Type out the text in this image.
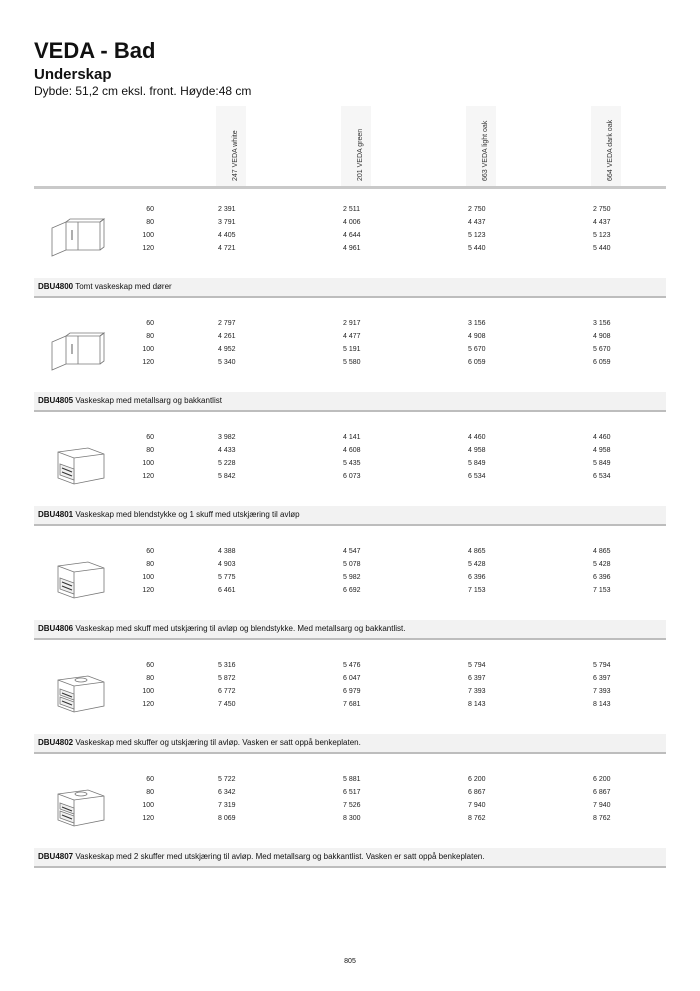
VEDA - Bad
Underskap

Dybde: 51,2 cm eksl. front. Høyde:48 cm

247 VEDA white	201 VEDA green	663 VEDA light oak	664 VEDA dark oak
60	2 391	2 511	2 750	2 750
80	3 791	4 006	4 437	4 437
100	4 405	4 644	5 123	5 123
120	4 721	4 961	5 440	5 440
DBU4800 Tomt vaskeskap med dører
60	2 797	2 917	3 156	3 156
80	4 261	4 477	4 908	4 908
100	4 952	5 191	5 670	5 670
120	5 340	5 580	6 059	6 059
DBU4805 Vaskeskap med metallsarg og bakkantlist
60	3 982	4 141	4 460	4 460
80	4 433	4 608	4 958	4 958
100	5 228	5 435	5 849	5 849
120	5 842	6 073	6 534	6 534
DBU4801 Vaskeskap med blendstykke og 1 skuff med utskjæring til avløp
60	4 388	4 547	4 865	4 865
80	4 903	5 078	5 428	5 428
100	5 775	5 982	6 396	6 396
120	6 461	6 692	7 153	7 153
DBU4806 Vaskeskap med skuff med utskjæring til avløp og blendstykke. Med metallsarg og bakkantlist.
60	5 316	5 476	5 794	5 794
80	5 872	6 047	6 397	6 397
100	6 772	6 979	7 393	7 393
120	7 450	7 681	8 143	8 143
DBU4802 Vaskeskap med skuffer og utskjæring til avløp. Vasken er satt oppå benkeplaten.
60	5 722	5 881	6 200	6 200
80	6 342	6 517	6 867	6 867
100	7 319	7 526	7 940	7 940
120	8 069	8 300	8 762	8 762
DBU4807 Vaskeskap med 2 skuffer med utskjæring til avløp. Med metallsarg og bakkantlist. Vasken er satt oppå benkeplaten.
805
